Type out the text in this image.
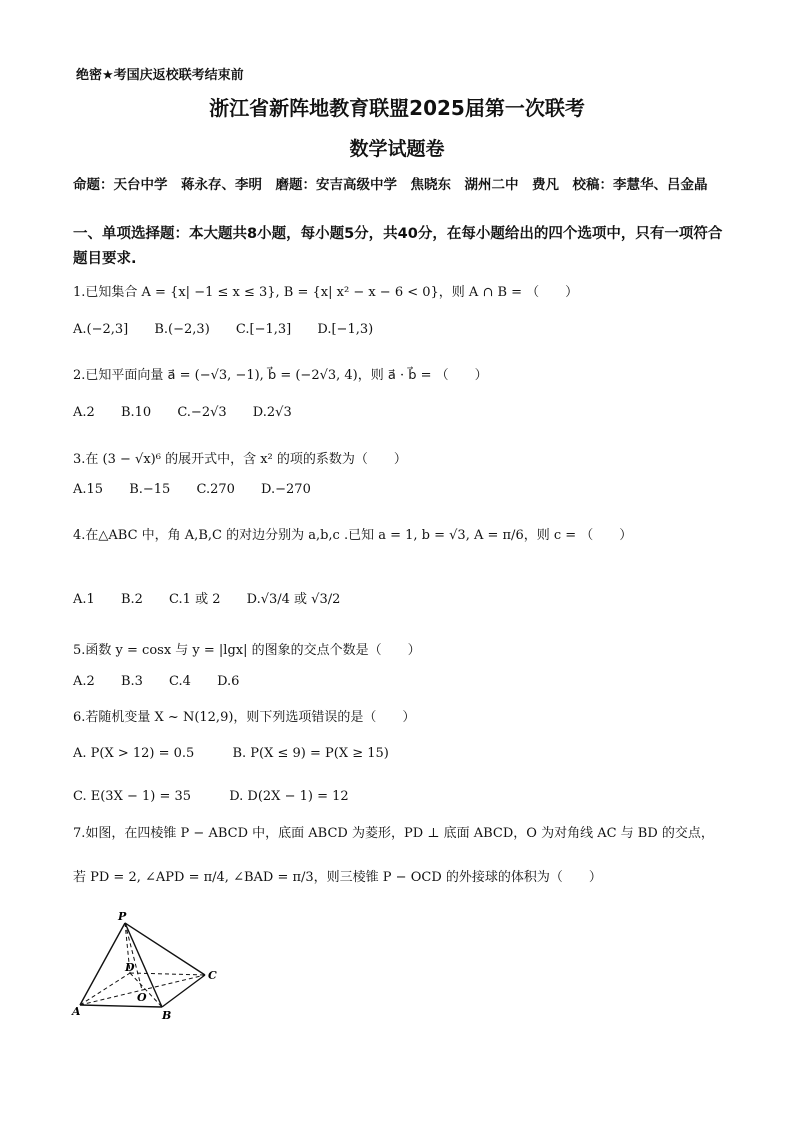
绝密★考国庆返校联考结束前
浙江省新阵地教育联盟2025届第一次联考
数学试题卷
命题：天台中学　蒋永存、李明　磨题：安吉高级中学　焦晓东　湖州二中　费凡　校稿：李慧华、吕金晶
一、单项选择题：本大题共8小题，每小题5分，共40分，在每小题给出的四个选项中，只有一项符合题目要求.
1.已知集合 A = {x| −1 ≤ x ≤ 3}, B = {x| x² − x − 6 < 0}，则 A ∩ B = （　　）
A.(−2,3] B.(−2,3) C.[−1,3] D.[−1,3)
2.已知平面向量 a⃗ = (−√3, −1), b⃗ = (−2√3, 4)，则 a⃗ · b⃗ = （　　）
A.2 B.10 C.−2√3 D.2√3
3.在 (3 − √x)⁶ 的展开式中，含 x² 的项的系数为（　　）
A.15 B.−15 C.270 D.−270
4.在△ABC 中，角 A,B,C 的对边分别为 a,b,c .已知 a = 1, b = √3, A = π/6，则 c = （　　）
A.1 B.2 C.1 或 2 D.√3/4 或 √3/2
5.函数 y = cosx 与 y = |lgx| 的图象的交点个数是（　　）
A.2 B.3 C.4 D.6
6.若随机变量 X ~ N(12,9)，则下列选项错误的是（　　）
A. P(X > 12) = 0.5	B. P(X ≤ 9) = P(X ≥ 15)
C. E(3X − 1) = 35	D. D(2X − 1) = 12
7.如图，在四棱锥 P − ABCD 中，底面 ABCD 为菱形，PD ⊥ 底面 ABCD，O 为对角线 AC 与 BD 的交点，
若 PD = 2, ∠APD = π/4, ∠BAD = π/3，则三棱锥 P − OCD 的外接球的体积为（　　）
P
D
O
C
A	B
